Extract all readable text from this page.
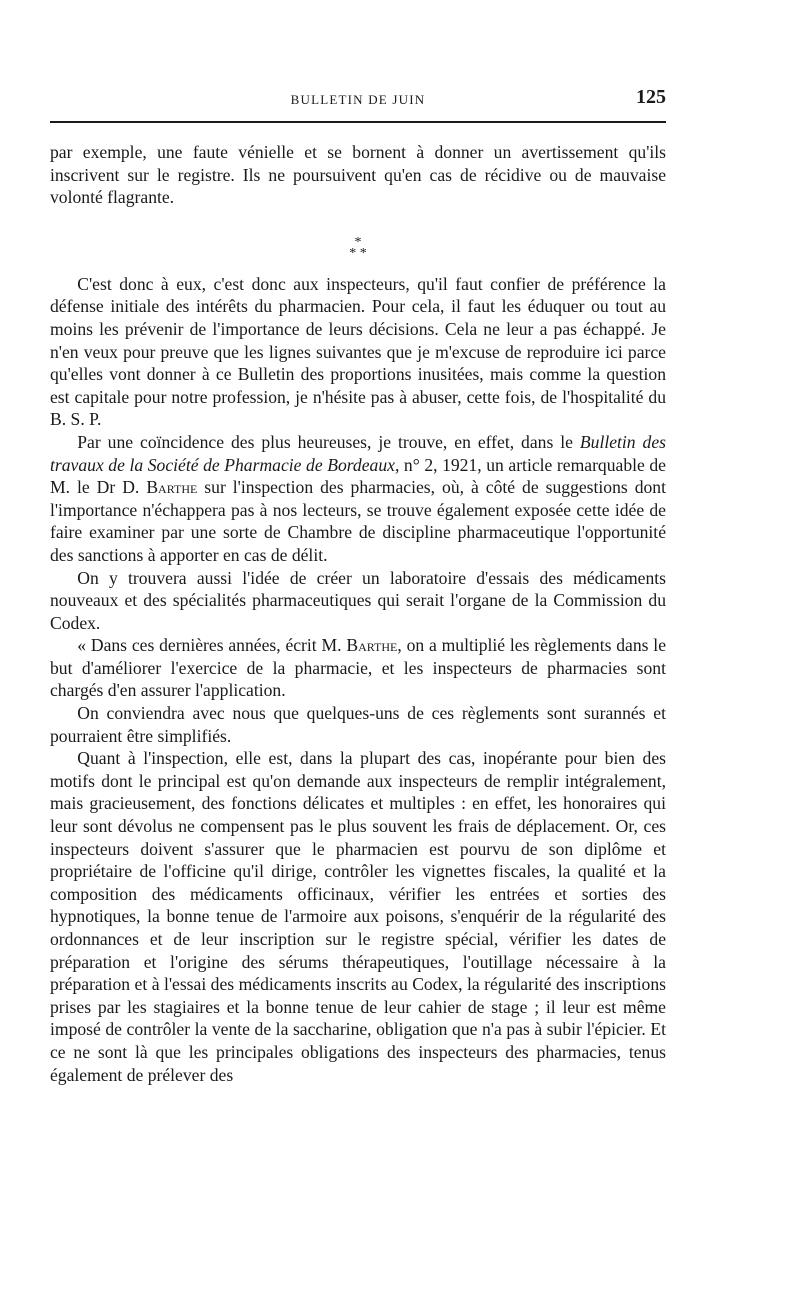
BULLETIN DE JUIN	125

par exemple, une faute vénielle et se bornent à donner un avertissement qu'ils inscrivent sur le registre. Ils ne poursuivent qu'en cas de récidive ou de mauvaise volonté flagrante.

*
* *

C'est donc à eux, c'est donc aux inspecteurs, qu'il faut confier de préférence la défense initiale des intérêts du pharmacien. Pour cela, il faut les éduquer ou tout au moins les prévenir de l'importance de leurs décisions. Cela ne leur a pas échappé. Je n'en veux pour preuve que les lignes suivantes que je m'excuse de reproduire ici parce qu'elles vont donner à ce Bulletin des proportions inusitées, mais comme la question est capitale pour notre profession, je n'hésite pas à abuser, cette fois, de l'hospitalité du B. S. P.

Par une coïncidence des plus heureuses, je trouve, en effet, dans le Bulletin des travaux de la Société de Pharmacie de Bordeaux, n° 2, 1921, un article remarquable de M. le Dr D. Barthe sur l'inspection des pharmacies, où, à côté de suggestions dont l'importance n'échappera pas à nos lecteurs, se trouve également exposée cette idée de faire examiner par une sorte de Chambre de discipline pharmaceutique l'opportunité des sanctions à apporter en cas de délit.

On y trouvera aussi l'idée de créer un laboratoire d'essais des médicaments nouveaux et des spécialités pharmaceutiques qui serait l'organe de la Commission du Codex.

« Dans ces dernières années, écrit M. Barthe, on a multiplié les règlements dans le but d'améliorer l'exercice de la pharmacie, et les inspecteurs de pharmacies sont chargés d'en assurer l'application.

On conviendra avec nous que quelques-uns de ces règlements sont surannés et pourraient être simplifiés.

Quant à l'inspection, elle est, dans la plupart des cas, inopérante pour bien des motifs dont le principal est qu'on demande aux inspecteurs de remplir intégralement, mais gracieusement, des fonctions délicates et multiples : en effet, les honoraires qui leur sont dévolus ne compensent pas le plus souvent les frais de déplacement. Or, ces inspecteurs doivent s'assurer que le pharmacien est pourvu de son diplôme et propriétaire de l'officine qu'il dirige, contrôler les vignettes fiscales, la qualité et la composition des médicaments officinaux, vérifier les entrées et sorties des hypnotiques, la bonne tenue de l'armoire aux poisons, s'enquérir de la régularité des ordonnances et de leur inscription sur le registre spécial, vérifier les dates de préparation et l'origine des sérums thérapeutiques, l'outillage nécessaire à la préparation et à l'essai des médicaments inscrits au Codex, la régularité des inscriptions prises par les stagiaires et la bonne tenue de leur cahier de stage ; il leur est même imposé de contrôler la vente de la saccharine, obligation que n'a pas à subir l'épicier. Et ce ne sont là que les principales obligations des inspecteurs des pharmacies, tenus également de prélever des
